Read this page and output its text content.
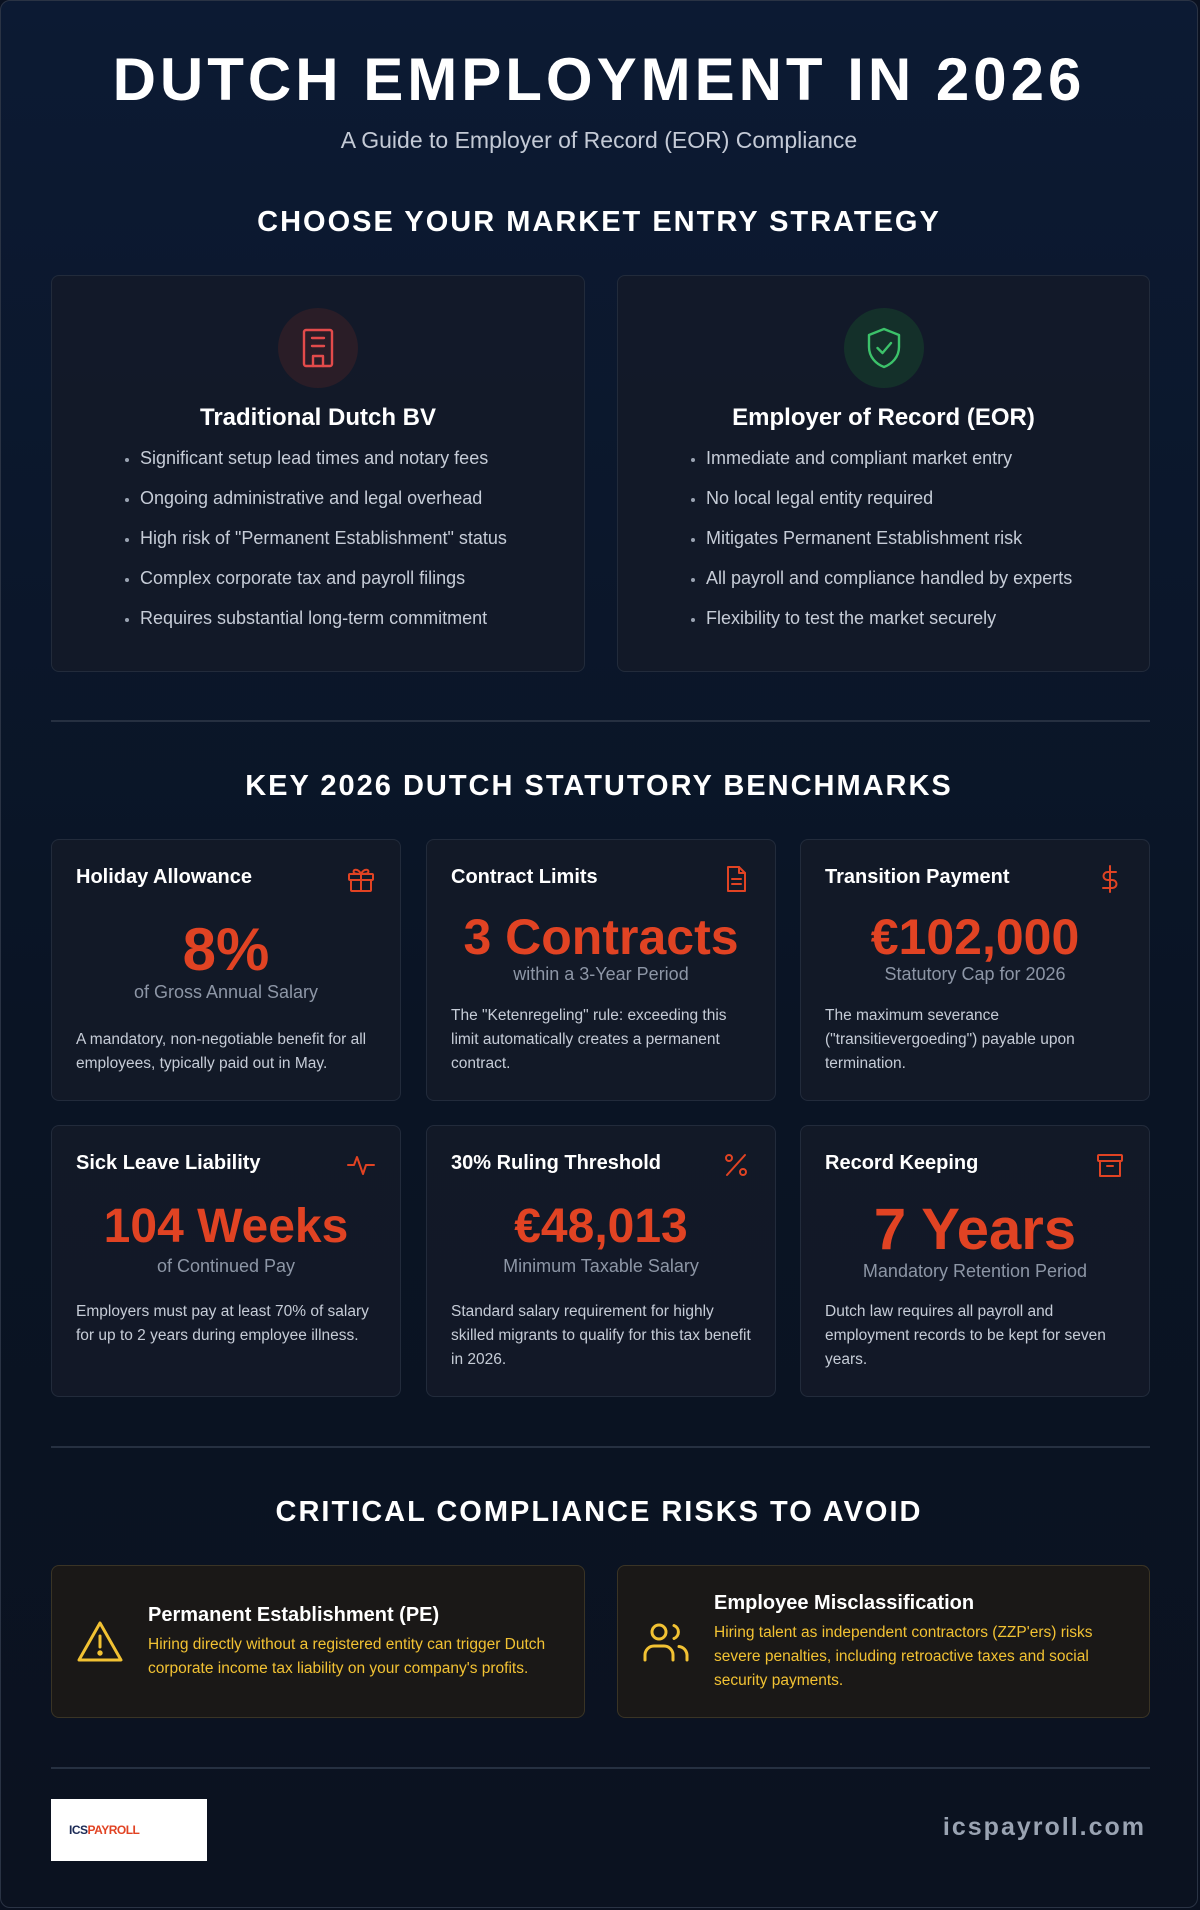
DUTCH EMPLOYMENT IN 2026
A Guide to Employer of Record (EOR) Compliance
CHOOSE YOUR MARKET ENTRY STRATEGY
Traditional Dutch BV
• Significant setup lead times and notary fees
• Ongoing administrative and legal overhead
• High risk of "Permanent Establishment" status
• Complex corporate tax and payroll filings
• Requires substantial long-term commitment
Employer of Record (EOR)
• Immediate and compliant market entry
• No local legal entity required
• Mitigates Permanent Establishment risk
• All payroll and compliance handled by experts
• Flexibility to test the market securely
KEY 2026 DUTCH STATUTORY BENCHMARKS
Holiday Allowance
8%
of Gross Annual Salary
A mandatory, non-negotiable benefit for all employees, typically paid out in May.
Contract Limits
3 Contracts
within a 3-Year Period
The "Ketenregeling" rule: exceeding this limit automatically creates a permanent contract.
Transition Payment
€102,000
Statutory Cap for 2026
The maximum severance ("transitievergoeding") payable upon termination.
Sick Leave Liability
104 Weeks
of Continued Pay
Employers must pay at least 70% of salary for up to 2 years during employee illness.
30% Ruling Threshold
€48,013
Minimum Taxable Salary
Standard salary requirement for highly skilled migrants to qualify for this tax benefit in 2026.
Record Keeping
7 Years
Mandatory Retention Period
Dutch law requires all payroll and employment records to be kept for seven years.
CRITICAL COMPLIANCE RISKS TO AVOID
Permanent Establishment (PE)
Hiring directly without a registered entity can trigger Dutch corporate income tax liability on your company's profits.
Employee Misclassification
Hiring talent as independent contractors (ZZP'ers) risks severe penalties, including retroactive taxes and social security payments.
ICS PAYROLL	icspayroll.com
